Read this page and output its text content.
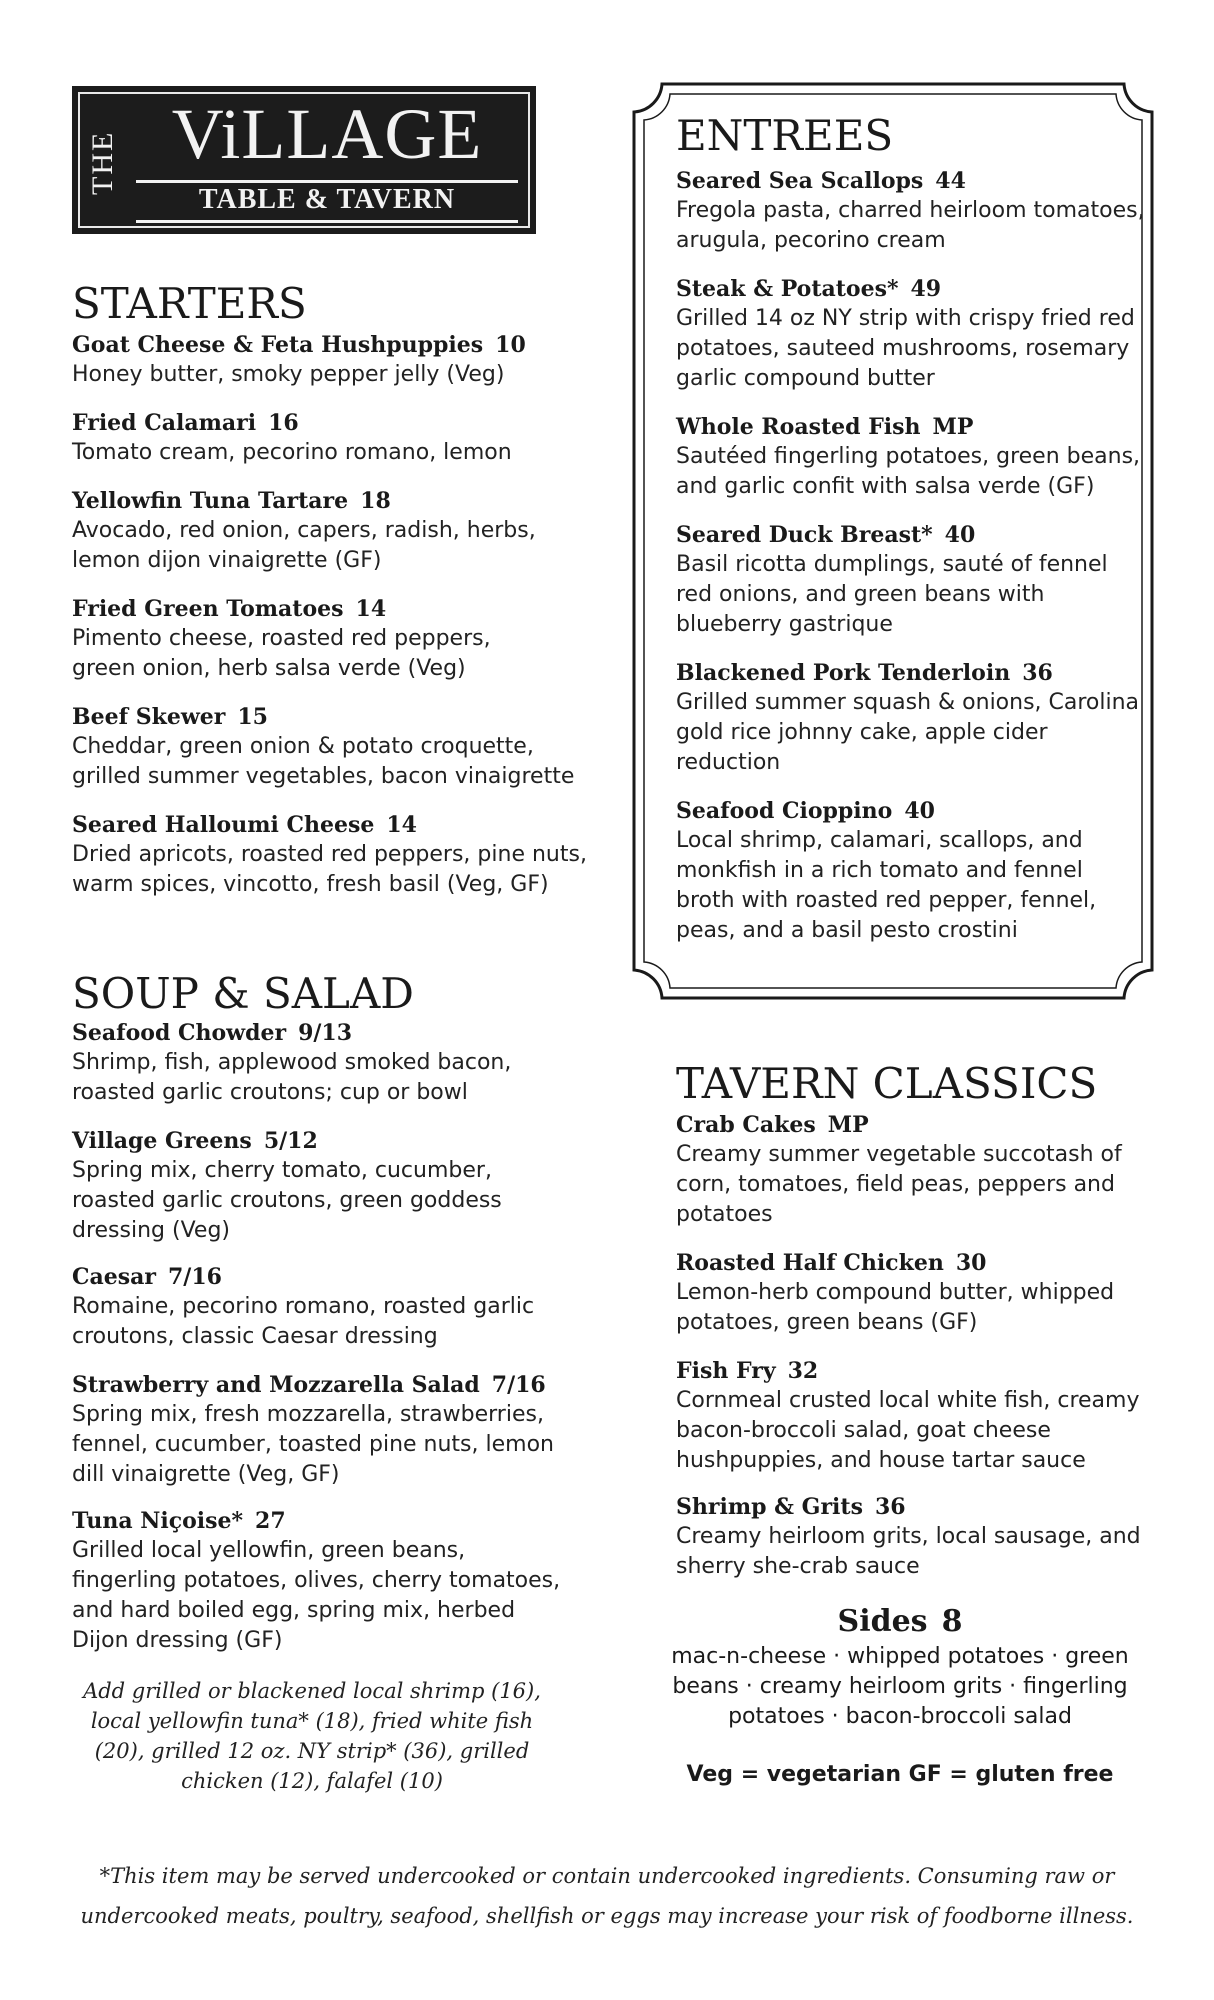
THE ViLLAGE
TABLE & TAVERN
STARTERS
Goat Cheese & Feta Hushpuppies 10
Honey butter, smoky pepper jelly (Veg)
Fried Calamari 16
Tomato cream, pecorino romano, lemon
Yellowfin Tuna Tartare 18
Avocado, red onion, capers, radish, herbs, lemon dijon vinaigrette (GF)
Fried Green Tomatoes 14
Pimento cheese, roasted red peppers, green onion, herb salsa verde (Veg)
Beef Skewer 15
Cheddar, green onion & potato croquette, grilled summer vegetables, bacon vinaigrette
Seared Halloumi Cheese 14
Dried apricots, roasted red peppers, pine nuts, warm spices, vincotto, fresh basil (Veg, GF)
SOUP & SALAD
Seafood Chowder 9/13
Shrimp, fish, applewood smoked bacon, roasted garlic croutons; cup or bowl
Village Greens 5/12
Spring mix, cherry tomato, cucumber, roasted garlic croutons, green goddess dressing (Veg)
Caesar 7/16
Romaine, pecorino romano, roasted garlic croutons, classic Caesar dressing
Strawberry and Mozzarella Salad 7/16
Spring mix, fresh mozzarella, strawberries, fennel, cucumber, toasted pine nuts, lemon dill vinaigrette (Veg, GF)
Tuna Niçoise* 27
Grilled local yellowfin, green beans, fingerling potatoes, olives, cherry tomatoes, and hard boiled egg, spring mix, herbed Dijon dressing (GF)
Add grilled or blackened local shrimp (16), local yellowfin tuna* (18), fried white fish (20), grilled 12 oz. NY strip* (36), grilled chicken (12), falafel (10)
ENTREES
Seared Sea Scallops 44
Fregola pasta, charred heirloom tomatoes, arugula, pecorino cream
Steak & Potatoes* 49
Grilled 14 oz NY strip with crispy fried red potatoes, sauteed mushrooms, rosemary garlic compound butter
Whole Roasted Fish MP
Sautéed fingerling potatoes, green beans, and garlic confit with salsa verde (GF)
Seared Duck Breast* 40
Basil ricotta dumplings, sauté of fennel red onions, and green beans with blueberry gastrique
Blackened Pork Tenderloin 36
Grilled summer squash & onions, Carolina gold rice johnny cake, apple cider reduction
Seafood Cioppino 40
Local shrimp, calamari, scallops, and monkfish in a rich tomato and fennel broth with roasted red pepper, fennel, peas, and a basil pesto crostini
TAVERN CLASSICS
Crab Cakes MP
Creamy summer vegetable succotash of corn, tomatoes, field peas, peppers and potatoes
Roasted Half Chicken 30
Lemon-herb compound butter, whipped potatoes, green beans (GF)
Fish Fry 32
Cornmeal crusted local white fish, creamy bacon-broccoli salad, goat cheese hushpuppies, and house tartar sauce
Shrimp & Grits 36
Creamy heirloom grits, local sausage, and sherry she-crab sauce
Sides 8
mac-n-cheese · whipped potatoes · green beans · creamy heirloom grits · fingerling potatoes · bacon-broccoli salad
Veg = vegetarian GF = gluten free
*This item may be served undercooked or contain undercooked ingredients. Consuming raw or undercooked meats, poultry, seafood, shellfish or eggs may increase your risk of foodborne illness.
